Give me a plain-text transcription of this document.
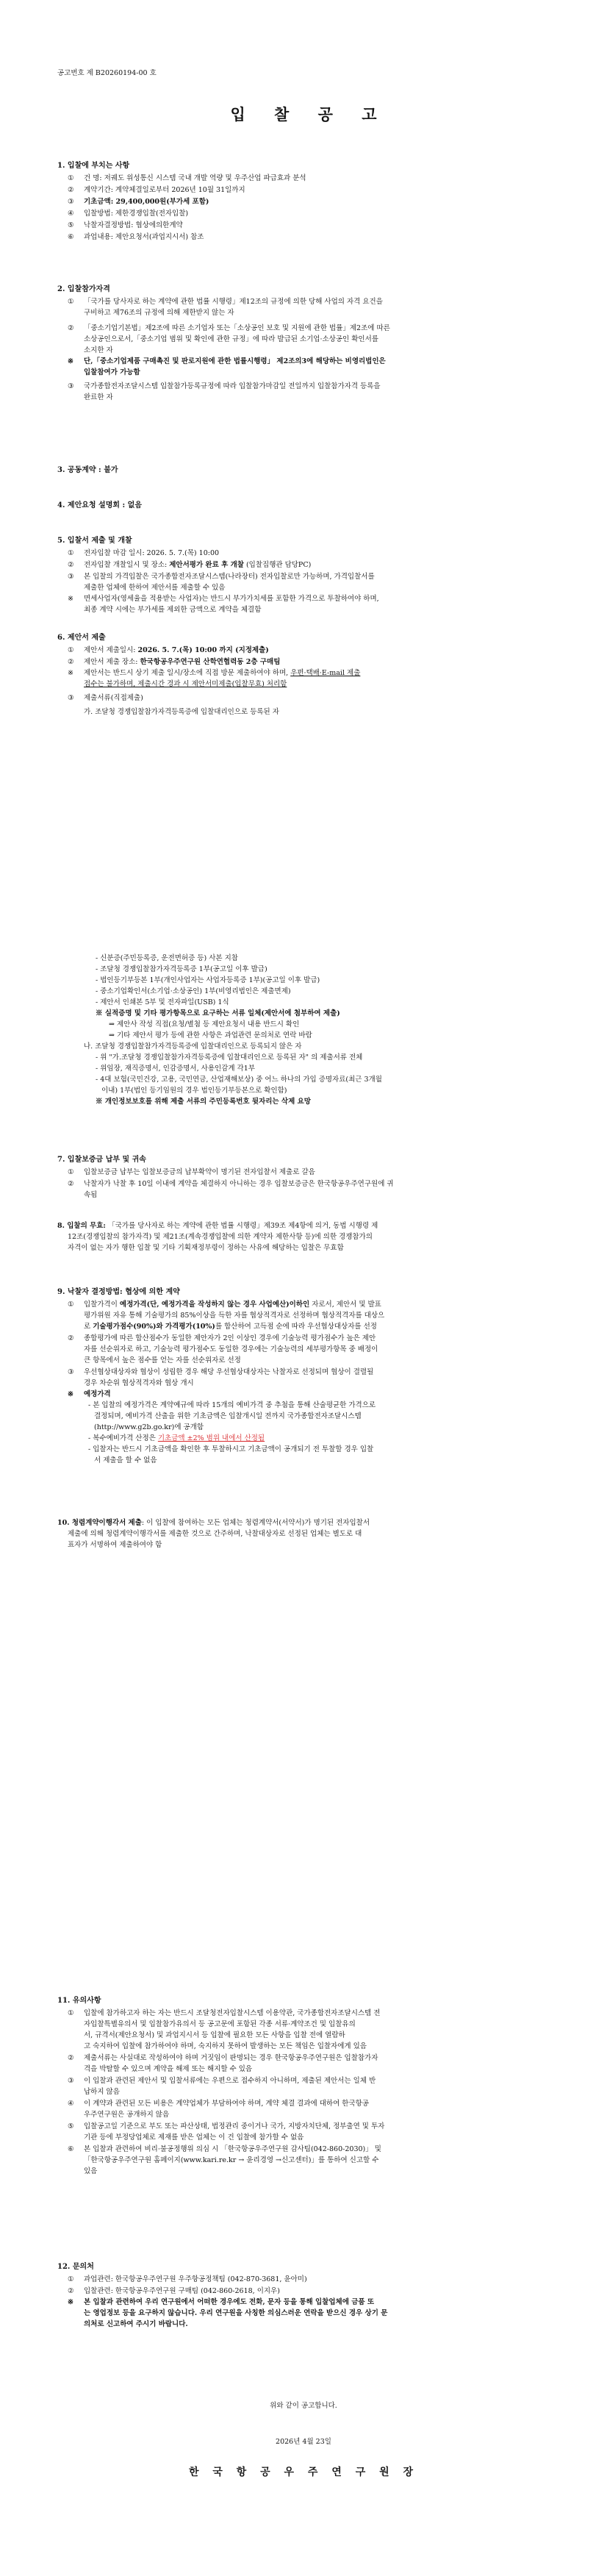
공고번호 제 B20260194-00 호
입 찰 공 고
1. 입찰에 부치는 사항
① 건 명: 저궤도 위성통신 시스템 국내 개발 역량 및 우주산업 파급효과 분석
② 계약기간: 계약체결일로부터 2026년 10월 31일까지
③ 기초금액: 29,400,000원(부가세 포함)
④ 입찰방법: 제한경쟁입찰(전자입찰)
⑤ 낙찰자결정방법: 협상에의한계약
⑥ 과업내용: 제안요청서(과업지시서) 참조
2. 입찰참가자격
① 「국가를 당사자로 하는 계약에 관한 법률 시행령」제12조의 규정에 의한 당해 사업의 자격 요건을
구비하고 제76조의 규정에 의해 제한받지 않는 자
② 「중소기업기본법」제2조에 따른 소기업자 또는「소상공인 보호 및 지원에 관한 법률」제2조에 따른
소상공인으로서,「중소기업 범위 및 확인에 관한 규정」에 따라 발급된 소기업·소상공인 확인서를
소지한 자
※ 단,「중소기업제품 구매촉진 및 판로지원에 관한 법률시행령」 제2조의3에 해당하는 비영리법인은
입찰참여가 가능함
③ 국가종합전자조달시스템 입찰참가등록규정에 따라 입찰참가마감일 전일까지 입찰참가자격 등록을
완료한 자
3. 공동계약 : 불가
4. 제안요청 설명회 : 없음
5. 입찰서 제출 및 개찰
① 전자입찰 마감 일시: 2026. 5. 7.(목) 10:00
② 전자입찰 개찰일시 및 장소: 제안서평가 완료 후 개찰 (입찰집행관 담당PC)
③ 본 입찰의 가격입찰은 국가종합전자조달시스템(나라장터) 전자입찰로만 가능하며, 가격입찰서를
제출한 업체에 한하여 제안서를 제출할 수 있음
※ 면세사업자(영세율을 적용받는 사업자)는 반드시 부가가치세를 포함한 가격으로 투찰하여야 하며,
최종 계약 시에는 부가세를 제외한 금액으로 계약을 체결함
6. 제안서 제출
① 제안서 제출일시: 2026. 5. 7.(목) 10:00 까지 (지정제출)
② 제안서 제출 장소: 한국항공우주연구원 산학연협력동 2층 구매팀
※ 제안서는 반드시 상기 제출 일시/장소에 직접 방문 제출하여야 하며, 우편·택배·E-mail 제출
접수는 불가하며, 제출시간 경과 시 제안서미제출(입찰무효) 처리함
③ 제출서류(직접제출)
가. 조달청 경쟁입찰참가자격등록증에 입찰대리인으로 등록된 자
- 신분증(주민등록증, 운전면허증 등) 사본 지참
- 조달청 경쟁입찰참가자격등록증 1부(공고일 이후 발급)
- 법인등기부등본 1부(개인사업자는 사업자등록증 1부)(공고일 이후 발급)
- 중소기업확인서(소기업·소상공인) 1부(비영리법인은 제출면제)
- 제안서 인쇄본 5부 및 전자파일(USB) 1식
※ 실적증명 및 기타 평가항목으로 요구하는 서류 일체(제안서에 첨부하여 제출)
⇒ 제안사 작성 직접(요청/별첨 등 제안요청서 내용 반드시 확인
⇒ 기타 제안서 평가 등에 관한 사항은 과업관련 문의처로 연락 바람
나. 조달청 경쟁입찰참가자격등록증에 입찰대리인으로 등록되지 않은 자
- 위 "가.조달청 경쟁입찰참가자격등록증에 입찰대리인으로 등록된 자" 의 제출서류 전체
- 위임장, 재직증명서, 인감증명서, 사용인감계 각1부
- 4대 보험(국민건강, 고용, 국민연금, 산업재해보상) 중 어느 하나의 가입 증명자료(최근 3개월
이내) 1부(법인 등기임원의 경우 법인등기부등본으로 확인함)
※ 개인정보보호를 위해 제출 서류의 주민등록번호 뒷자리는 삭제 요망
7. 입찰보증금 납부 및 귀속
① 입찰보증금 납부는 입찰보증금의 납부확약이 명기된 전자입찰서 제출로 갈음
② 낙찰자가 낙찰 후 10일 이내에 계약을 체결하지 아니하는 경우 입찰보증금은 한국항공우주연구원에 귀
속됨
8. 입찰의 무효: 「국가를 당사자로 하는 계약에 관한 법률 시행령」제39조 제4항에 의거, 동법 시행령 제
12조(경쟁입찰의 참가자격) 및 제21조(계속경쟁입찰에 의한 계약자 제한사항 등)에 의한 경쟁참가의
자격이 없는 자가 행한 입찰 및 기타 기획재정부령이 정하는 사유에 해당하는 입찰은 무효함
9. 낙찰자 결정방법: 협상에 의한 계약
① 입찰가격이 예정가격(단, 예정가격을 작성하지 않는 경우 사업예산)이하인 자로서, 제안서 및 발표
평가위원 자유 통해 기술평가의 85%이상을 득한 자를 협상적격자로 선정하며 협상적격자를 대상으
로 기술평가점수(90%)와 가격평가(10%)를 합산하여 고득점 순에 따라 우선협상대상자를 선정
② 종합평가에 따른 합산점수가 동일한 제안자가 2인 이상인 경우에 기술능력 평가점수가 높은 제안
자를 선순위자로 하고, 기술능력 평가점수도 동일한 경우에는 기술능력의 세부평가항목 중 배정이
큰 항목에서 높은 점수를 얻는 자를 선순위자로 선정
③ 우선협상대상자와 협상이 성립한 경우 해당 우선협상대상자는 낙찰자로 선정되며 협상이 결렬될
경우 차순위 협상적격자와 협상 개시
※ 예정가격
- 본 입찰의 예정가격은 계약예규에 따라 15개의 예비가격 중 추첨을 통해 산술평균한 가격으로
결정되며, 예비가격 산출을 위한 기초금액은 입찰개시일 전까지 국가종합전자조달시스템
(http://www.g2b.go.kr)에 공개함
- 복수예비가격 산정은 기초금액 ±2% 범위 내에서 산정됨
- 입찰자는 반드시 기초금액을 확인한 후 투찰하시고 기초금액이 공개되기 전 투찰할 경우 입찰
서 제출을 할 수 없음
10. 청렴계약이행각서 제출: 이 입찰에 참여하는 모든 업체는 청렴계약서(서약서)가 명기된 전자입찰서
제출에 의해 청렴계약이행각서를 제출한 것으로 간주하며, 낙찰대상자로 선정된 업체는 별도로 대
표자가 서명하여 제출하여야 함
11. 유의사항
① 입찰에 참가하고자 하는 자는 반드시 조달청전자입찰시스템 이용약관, 국가종합전자조달시스템 전
자입찰특별유의서 및 입찰참가유의서 등 공고문에 포함된 각종 서류·계약조건 및 입찰유의
서, 규격서(제안요청서) 및 과업지시서 등 입찰에 필요한 모든 사항을 입찰 전에 열람하
고 숙지하여 입찰에 참가하여야 하며, 숙지하지 못하여 발생하는 모든 책임은 입찰자에게 있음
② 제출서류는 사실대로 작성하여야 하며 거짓임이 판명되는 경우 한국항공우주연구원은 입찰참가자
격을 박탈할 수 있으며 계약을 해제 또는 해지할 수 있음
③ 이 입찰과 관련된 제안서 및 입찰서류에는 우편으로 접수하지 아니하며, 제출된 제안서는 일체 반
납하지 않음
④ 이 계약과 관련된 모든 비용은 계약업체가 부담하여야 하며, 계약 체결 결과에 대하여 한국항공
우주연구원은 공개하지 않음
⑤ 입찰공고일 기준으로 부도 또는 파산상태, 법정관리 중이거나 국가, 지방자치단체, 정부출연 및 투자
기관 등에 부정당업체로 제재를 받은 업체는 이 건 입찰에 참가할 수 없음
⑥ 본 입찰과 관련하여 비리·불공정행위 의심 시 「한국항공우주연구원 감사팀(042-860-2030)」 및
「한국항공우주연구원 홈페이지(www.kari.re.kr → 윤리경영 →신고센터)」를 통하여 신고할 수
있음
12. 문의처
① 과업관련: 한국항공우주연구원 우주항공정책팀 (042-870-3681, 윤아미)
② 입찰관련: 한국항공우주연구원 구매팀 (042-860-2618, 이지우)
※ 본 입찰과 관련하여 우리 연구원에서 어떠한 경우에도 전화, 문자 등을 통해 입찰업체에 금품 또
는 영업정보 등을 요구하지 않습니다. 우리 연구원을 사칭한 의심스러운 연락을 받으신 경우 상기 문
의처로 신고하여 주시기 바랍니다.
위와 같이 공고합니다.
2026년 4월 23일
한 국 항 공 우 주 연 구 원 장
